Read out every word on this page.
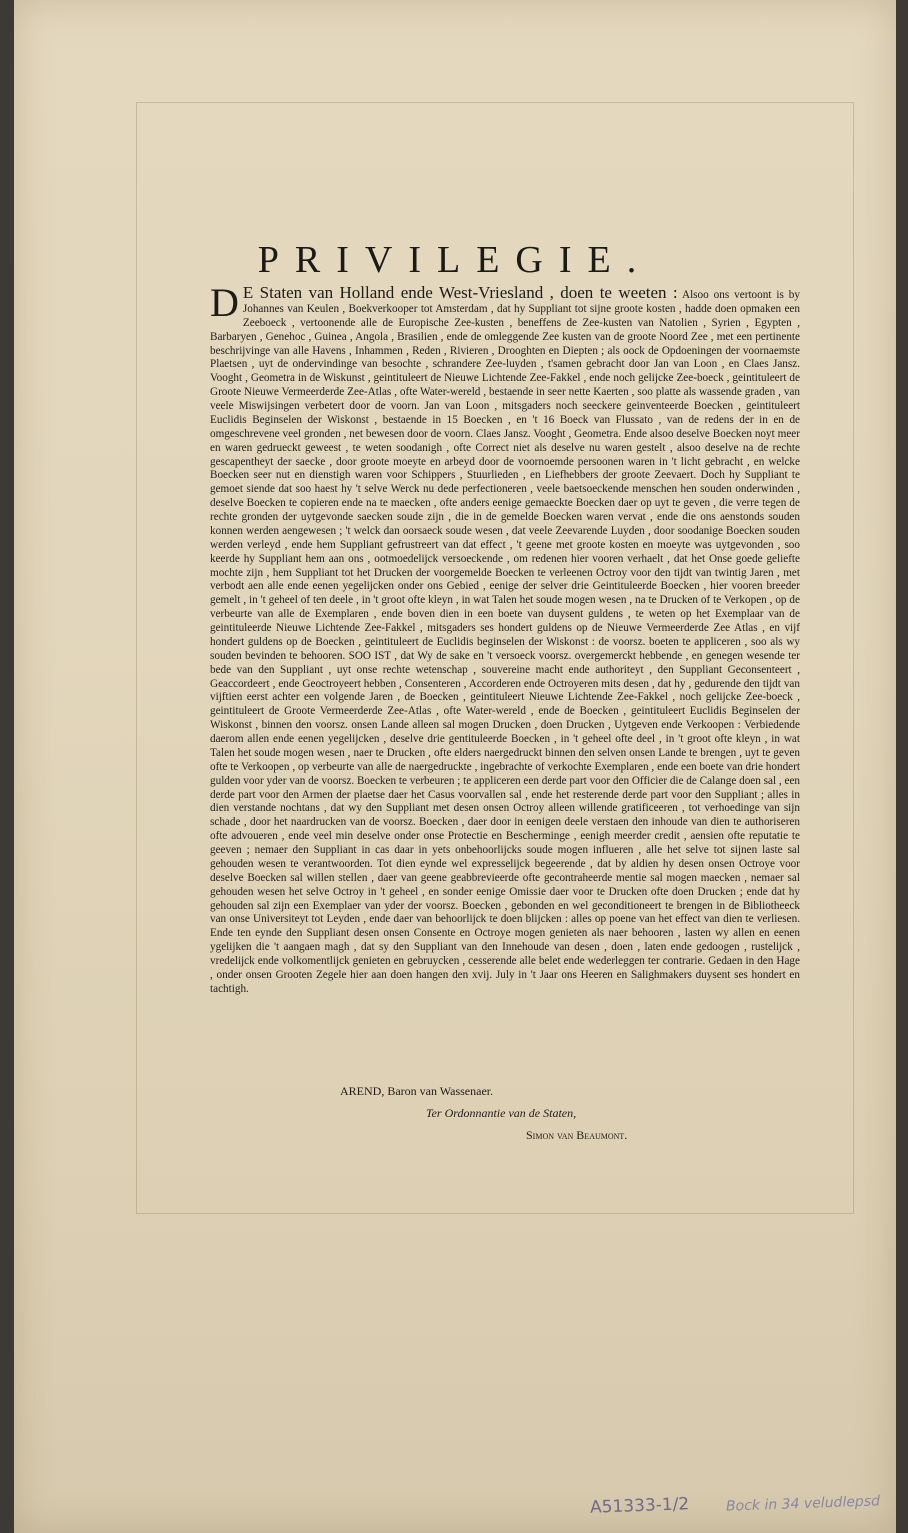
PRIVILEGIE.
D E Staten van Holland ende West-Vriesland , doen te weeten : Alsoo ons vertoont is by Johannes van Keulen , Boekverkooper tot Amsterdam , dat hy Suppliant tot sijne groote kosten , hadde doen opmaken een Zeeboeck , vertoonende alle de Europische Zee-kusten , beneffens de Zee-kusten van Natolien , Syrien , Egypten , Barbaryen , Genehoc , Guinea , Angola , Brasilien , ende de omleggende Zee kusten van de groote Noord Zee , met een pertinente beschrijvinge van alle Havens , Inhammen , Reden , Rivieren , Drooghten en Diepten ; als oock de Opdoeningen der voornaemste Plaetsen , uyt de ondervindinge van besochte , schrandere Zee-luyden , t'samen gebracht door Jan van Loon , en Claes Jansz. Vooght , Geometra in de Wiskunst , geintituleert de Nieuwe Lichtende Zee-Fakkel , ende noch gelijcke Zee-boeck , geintituleert de Groote Nieuwe Vermeerderde Zee-Atlas , ofte Water-wereld , bestaende in seer nette Kaerten , soo platte als wassende graden , van veele Miswijsingen verbetert door de voorn. Jan van Loon , mitsgaders noch seeckere geinventeerde Boecken , geintituleert Euclidis Beginselen der Wiskonst , bestaende in 15 Boecken , en 't 16 Boeck van Flussato , van de redens der in en de omgeschrevene veel gronden , net bewesen door de voorn. Claes Jansz. Vooght , Geometra. Ende alsoo deselve Boecken noyt meer en waren gedrueckt geweest , te weten soodanigh , ofte Correct niet als deselve nu waren gestelt , alsoo deselve na de rechte gescapentheyt der saecke , door groote moeyte en arbeyd door de voornoemde persoonen waren in 't licht gebracht , en welcke Boecken seer nut en dienstigh waren voor Schippers , Stuurlieden , en Liefhebbers der groote Zeevaert. Doch hy Suppliant te gemoet siende dat soo haest hy 't selve Werck nu dede perfectioneren , veele baetsoeckende menschen hen souden onderwinden , deselve Boecken te copieren ende na te maecken , ofte anders eenige gemaeckte Boecken daer op uyt te geven , die verre tegen de rechte gronden der uytgevonde saecken soude zijn , die in de gemelde Boecken waren vervat , ende die ons aenstonds souden konnen werden aengewesen ; 't welck dan oorsaeck soude wesen , dat veele Zeevarende Luyden , door soodanige Boecken souden werden verleyd , ende hem Suppliant gefrustreert van dat effect , 't geene met groote kosten en moeyte was uytgevonden , soo keerde hy Suppliant hem aan ons , ootmoedelijck versoeckende , om redenen hier vooren verhaelt , dat het Onse goede geliefte mochte zijn , hem Suppliant tot het Drucken der voorgemelde Boecken te verleenen Octroy voor den tijdt van twintig Jaren , met verbodt aen alle ende eenen yegelijcken onder ons Gebied , eenige der selver drie Geintituleerde Boecken , hier vooren breeder gemelt , in 't geheel of ten deele , in 't groot ofte kleyn , in wat Talen het soude mogen wesen , na te Drucken of te Verkopen , op de verbeurte van alle de Exemplaren , ende boven dien in een boete van duysent guldens , te weten op het Exemplaar van de geintituleerde Nieuwe Lichtende Zee-Fakkel , mitsgaders ses hondert guldens op de Nieuwe Vermeerderde Zee Atlas , en vijf hondert guldens op de Boecken , geintituleert de Euclidis beginselen der Wiskonst : de voorsz. boeten te appliceren , soo als wy souden bevinden te behooren. SOO IST , dat Wy de sake en 't versoeck voorsz. overgemerckt hebbende , en genegen wesende ter bede van den Suppliant , uyt onse rechte wetenschap , souvereine macht ende authoriteyt , den Suppliant Geconsenteert , Geaccordeert , ende Geoctroyeert hebben , Consenteren , Accorderen ende Octroyeren mits desen , dat hy , gedurende den tijdt van vijftien eerst achter een volgende Jaren , de Boecken , geintituleert Nieuwe Lichtende Zee-Fakkel , noch gelijcke Zee-boeck , geintituleert de Groote Vermeerderde Zee-Atlas , ofte Water-wereld , ende de Boecken , geintituleert Euclidis Beginselen der Wiskonst , binnen den voorsz. onsen Lande alleen sal mogen Drucken , doen Drucken , Uytgeven ende Verkoopen : Verbiedende daerom allen ende eenen yegelijcken , deselve drie gentituleerde Boecken , in 't geheel ofte deel , in 't groot ofte kleyn , in wat Talen het soude mogen wesen , naer te Drucken , ofte elders naergedruckt binnen den selven onsen Lande te brengen , uyt te geven ofte te Verkoopen , op verbeurte van alle de naergedruckte , ingebrachte of verkochte Exemplaren , ende een boete van drie hondert gulden voor yder van de voorsz. Boecken te verbeuren ; te appliceren een derde part voor den Officier die de Calange doen sal , een derde part voor den Armen der plaetse daer het Casus voorvallen sal , ende het resterende derde part voor den Suppliant ; alles in dien verstande nochtans , dat wy den Suppliant met desen onsen Octroy alleen willende gratificeeren , tot verhoedinge van sijn schade , door het naardrucken van de voorsz. Boecken , daer door in eenigen deele verstaen den inhoude van dien te authoriseren ofte advoueren , ende veel min deselve onder onse Protectie en Beschermingе , eenigh meerder credit , aensien ofte reputatie te geeven ; nemaer den Suppliant in cas daar in yets onbehoorlijcks soude mogen influeren , alle het selve tot sijnen laste sal gehouden wesen te verantwoorden. Tot dien eynde wel expressеlijck begeerende , dat by aldien hy desen onsen Octroye voor deselve Boecken sal willen stellen , daer van geene geabbrevieerde ofte gecontraheerde mentie sal mogen maecken , nemaer sal gehouden wesen het selve Octroy in 't geheel , en sonder eenige Omissie daer voor te Drucken ofte doen Drucken ; ende dat hy gehouden sal zijn een Exemplaer van yder der voorsz. Boecken , gebonden en wel geconditioneert te brengen in de Bibliotheeck van onse Universiteyt tot Leyden , ende daer van behoorlijck te doen blijcken : alles op poene van het effect van dien te verliesen. Ende ten eynde den Suppliant desen onsen Consente en Octroye mogen genieten als naer behooren , lasten wy allen en eenen ygelijken die 't aangaen magh , dat sy den Suppliant van den Innehoude van desen , doen , laten ende gedoogen , rustelijck , vredelijck ende volkomentlijck genieten en gebruycken , cesserende alle belet ende wederleggen ter contrarie. Gedaen in den Hage , onder onsen Grooten Zegele hier aan doen hangen den xvij. July in 't Jaar ons Heeren en Salighmakers duysent ses hondert en tachtigh.

AREND, Baron van Wassenaer.
Ter Ordonnantie van de Staten,
Simon van Beaumont.

A51333-1/2	Bock in 34 veludlepsd
